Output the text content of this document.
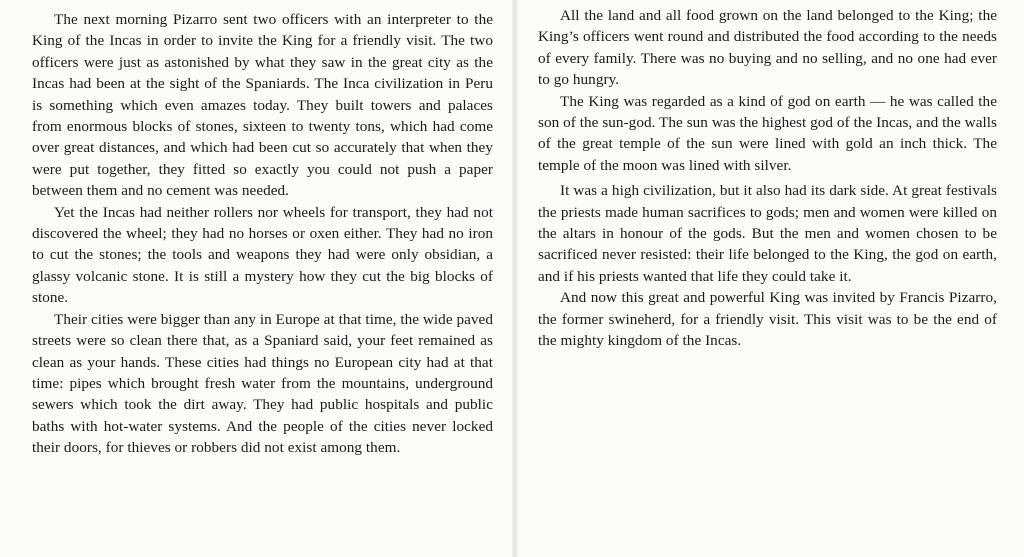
The next morning Pizarro sent two officers with an interpreter to the King of the Incas in order to invite the King for a friendly visit. The two officers were just as astonished by what they saw in the great city as the Incas had been at the sight of the Spaniards. The Inca civilization in Peru is something which even amazes today. They built towers and palaces from enormous blocks of stones, sixteen to twenty tons, which had come over great distances, and which had been cut so accurately that when they were put together, they fitted so exactly you could not push a paper between them and no cement was needed.

Yet the Incas had neither rollers nor wheels for transport, they had not discovered the wheel; they had no horses or oxen either. They had no iron to cut the stones; the tools and weapons they had were only obsidian, a glassy volcanic stone. It is still a mystery how they cut the big blocks of stone.

Their cities were bigger than any in Europe at that time, the wide paved streets were so clean there that, as a Spaniard said, your feet remained as clean as your hands. These cities had things no European city had at that time: pipes which brought fresh water from the mountains, underground sewers which took the dirt away. They had public hospitals and public baths with hot-water systems. And the people of the cities never locked their doors, for thieves or robbers did not exist among them.

All the land and all food grown on the land belonged to the King; the King’s officers went round and distributed the food according to the needs of every family. There was no buying and no selling, and no one had ever to go hungry.

The King was regarded as a kind of god on earth — he was called the son of the sun-god. The sun was the highest god of the Incas, and the walls of the great temple of the sun were lined with gold an inch thick. The temple of the moon was lined with silver.

It was a high civilization, but it also had its dark side. At great festivals the priests made human sacrifices to gods; men and women were killed on the altars in honour of the gods. But the men and women chosen to be sacrificed never resisted: their life belonged to the King, the god on earth, and if his priests wanted that life they could take it.

And now this great and powerful King was invited by Francis Pizarro, the former swineherd, for a friendly visit. This visit was to be the end of the mighty kingdom of the Incas.
